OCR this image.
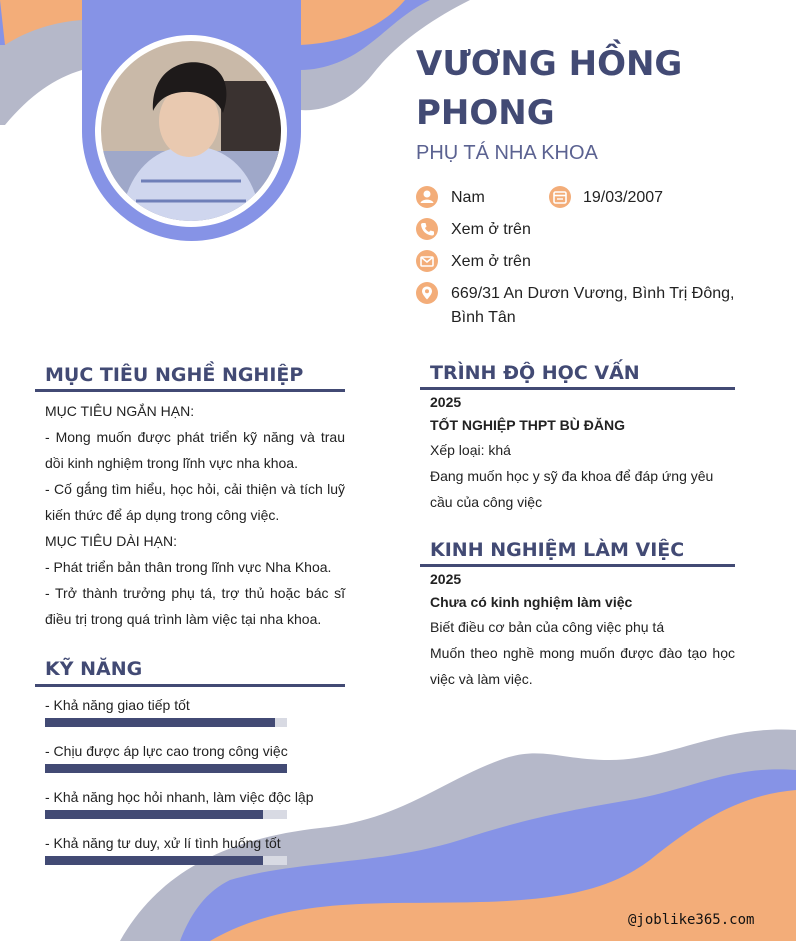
VƯƠNG HỒNG PHONG

PHỤ TÁ NHA KHOA

Nam	19/03/2007
Xem ở trên
Xem ở trên
669/31 An Dươn Vương, Bình Trị Đông, Bình Tân
MỤC TIÊU NGHỀ NGHIỆP

MỤC TIÊU NGẮN HẠN:

- Mong muốn được phát triển kỹ năng và trau dồi kinh nghiệm trong lĩnh vực nha khoa.

- Cố gắng tìm hiểu, học hỏi, cải thiện và tích luỹ kiến thức để áp dụng trong công việc.

MỤC TIÊU DÀI HẠN:

- Phát triển bản thân trong lĩnh vực Nha Khoa.

- Trở thành trưởng phụ tá, trợ thủ hoặc bác sĩ điều trị trong quá trình làm việc tại nha khoa.

KỸ NĂNG
- Khả năng giao tiếp tốt
- Chịu được áp lực cao trong công việc
- Khả năng học hỏi nhanh, làm việc độc lập
- Khả năng tư duy, xử lí tình huống tốt
TRÌNH ĐỘ HỌC VẤN

2025

TỐT NGHIỆP THPT BÙ ĐĂNG

Xếp loại: khá

Đang muốn học y sỹ đa khoa để đáp ứng yêu cầu của công việc

KINH NGHIỆM LÀM VIỆC

2025

Chưa có kinh nghiệm làm việc

Biết điều cơ bản của công việc phụ tá

Muốn theo nghề mong muốn được đào tạo học việc và làm việc.

@joblike365.com
